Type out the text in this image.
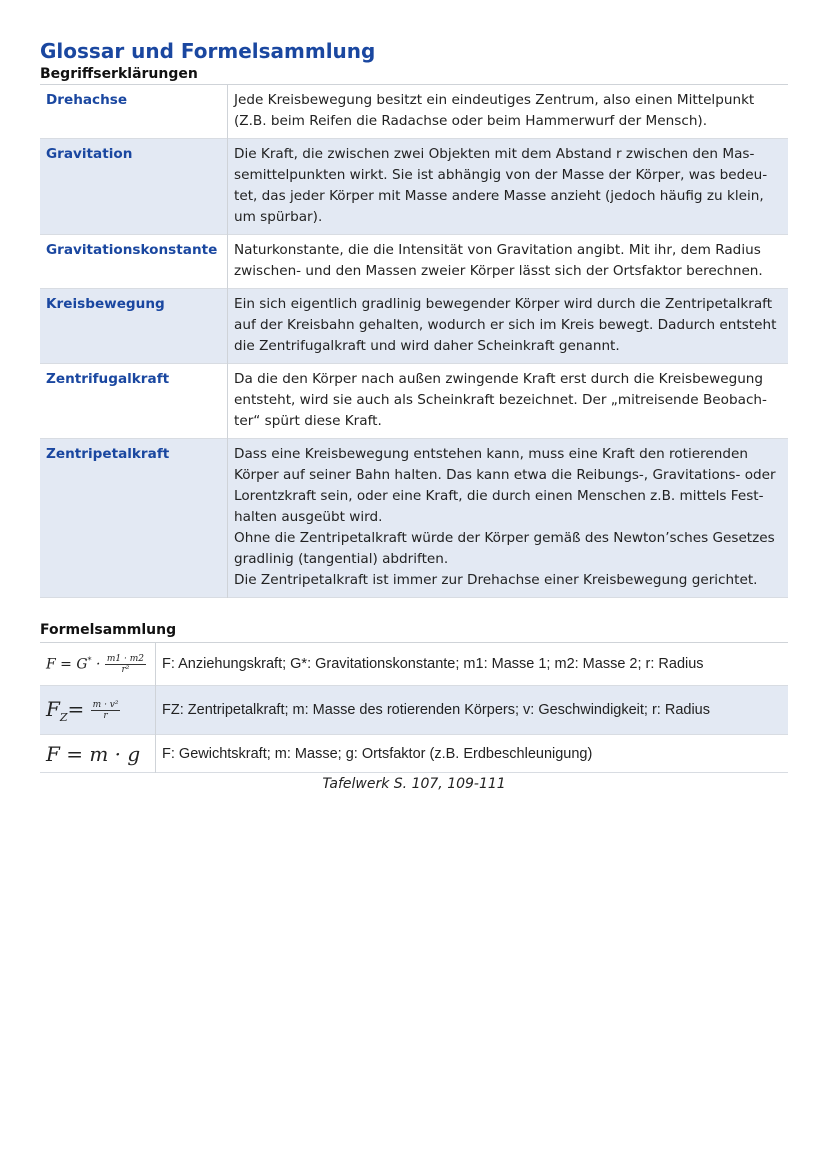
Glossar und Formelsammlung
Begriffserklärungen
Drehachse	Jede Kreisbewegung besitzt ein eindeutiges Zentrum, also einen Mittelpunkt (Z.B. beim Reifen die Radachse oder beim Hammerwurf der Mensch).

Gravitation	Die Kraft, die zwischen zwei Objekten mit dem Abstand r zwischen den Massemittelpunkten wirkt. Sie ist abhängig von der Masse der Körper, was bedeutet, das jeder Körper mit Masse andere Masse anzieht (jedoch häufig zu klein, um spürbar).

Gravitationskonstante	Naturkonstante, die die Intensität von Gravitation angibt. Mit ihr, dem Radius zwischen- und den Massen zweier Körper lässt sich der Ortsfaktor berechnen.

Kreisbewegung	Ein sich eigentlich gradlinig bewegender Körper wird durch die Zentripetalkraft auf der Kreisbahn gehalten, wodurch er sich im Kreis bewegt. Dadurch entsteht die Zentrifugalkraft und wird daher Scheinkraft genannt.

Zentrifugalkraft	Da die den Körper nach außen zwingende Kraft erst durch die Kreisbewegung entsteht, wird sie auch als Scheinkraft bezeichnet. Der „mitreisende Beobachter“ spürt diese Kraft.

Zentripetalkraft	Dass eine Kreisbewegung entstehen kann, muss eine Kraft den rotierenden Körper auf seiner Bahn halten. Das kann etwa die Reibungs-, Gravitations- oder Lorentzkraft sein, oder eine Kraft, die durch einen Menschen z.B. mittels Festhalten ausgeübt wird.

Ohne die Zentripetalkraft würde der Körper gemäß des Newton’sches Gesetzes gradlinig (tangential) abdriften.

Die Zentripetalkraft ist immer zur Drehachse einer Kreisbewegung gerichtet.

Formelsammlung
$F = G^* \cdot \frac{m1 \cdot m2}{\text{r²}}$	F: Anziehungskraft; G*: Gravitationskonstante; m1: Masse 1; m2: Masse 2; r: Radius
$F_Z= \frac{\text{m · v²}}{r}$	FZ: Zentripetalkraft; m: Masse des rotierenden Körpers; v: Geschwindigkeit; r: Radius
F = m · g	F: Gewichtskraft; m: Masse; g: Ortsfaktor (z.B. Erdbeschleunigung)
Tafelwerk S. 107, 109-111
